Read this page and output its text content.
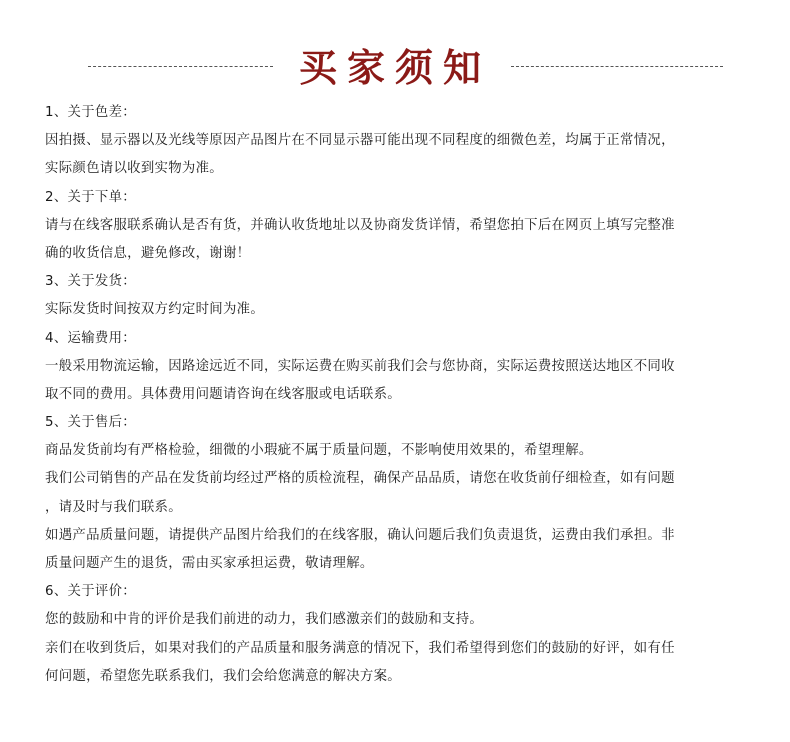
买家须知
1、关于色差：
因拍摄、显示器以及光线等原因产品图片在不同显示器可能出现不同程度的细微色差，均属于正常情况，
实际颜色请以收到实物为准。
2、关于下单：
请与在线客服联系确认是否有货，并确认收货地址以及协商发货详情，希望您拍下后在网页上填写完整准
确的收货信息，避免修改，谢谢！
3、关于发货：
实际发货时间按双方约定时间为准。
4、运输费用：
一般采用物流运输，因路途远近不同，实际运费在购买前我们会与您协商，实际运费按照送达地区不同收
取不同的费用。具体费用问题请咨询在线客服或电话联系。
5、关于售后：
商品发货前均有严格检验，细微的小瑕疵不属于质量问题，不影响使用效果的，希望理解。
我们公司销售的产品在发货前均经过严格的质检流程，确保产品品质，请您在收货前仔细检查，如有问题
，请及时与我们联系。
如遇产品质量问题，请提供产品图片给我们的在线客服，确认问题后我们负责退货，运费由我们承担。非
质量问题产生的退货，需由买家承担运费，敬请理解。
6、关于评价：
您的鼓励和中肯的评价是我们前进的动力，我们感激亲们的鼓励和支持。
亲们在收到货后，如果对我们的产品质量和服务满意的情况下，我们希望得到您们的鼓励的好评，如有任
何问题，希望您先联系我们，我们会给您满意的解决方案。
